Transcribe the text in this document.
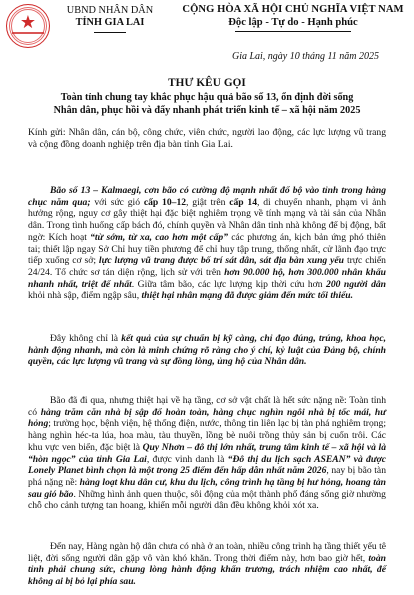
★
UBND NHÂN DÂN
TỈNH GIA LAI
CỘNG HÒA XÃ HỘI CHỦ NGHĨA VIỆT NAM
Độc lập - Tự do - Hạnh phúc
Gia Lai, ngày 10 tháng 11 năm 2025
THƯ KÊU GỌI
Toàn tỉnh chung tay khắc phục hậu quả bão số 13, ổn định đời sống
Nhân dân, phục hồi và đẩy nhanh phát triển kinh tế – xã hội năm 2025
Kính gửi: Nhân dân, cán bộ, công chức, viên chức, người lao động, các lực lượng vũ trang và cộng đồng doanh nghiệp trên địa bàn tỉnh Gia Lai.

Bão số 13 – Kalmaegi, cơn bão có cường độ mạnh nhất đổ bộ vào tỉnh trong hàng chục năm qua; với sức gió cấp 10–12, giật trên cấp 14, di chuyển nhanh, phạm vi ảnh hưởng rộng, nguy cơ gây thiệt hại đặc biệt nghiêm trọng về tính mạng và tài sản của Nhân dân. Trong tình huống cấp bách đó, chính quyền và Nhân dân tỉnh nhà không để bị động, bất ngờ: Kích hoạt “từ sớm, từ xa, cao hơn một cấp” các phương án, kịch bản ứng phó thiên tai; thiết lập ngay Sở Chỉ huy tiền phương để chỉ huy tập trung, thống nhất, cử lãnh đạo trực tiếp xuống cơ sở; lực lượng vũ trang được bố trí sát dân, sát địa bàn xung yếu trực chiến 24/24. Tổ chức sơ tán diện rộng, lịch sử với trên hơn 90.000 hộ, hơn 300.000 nhân khẩu nhanh nhất, triệt để nhất. Giữa tâm bão, các lực lượng kịp thời cứu hơn 200 người dân khỏi nhà sập, điểm ngập sâu, thiệt hại nhân mạng đã được giảm đến mức tối thiểu.

Đây không chỉ là kết quả của sự chuẩn bị kỹ càng, chỉ đạo đúng, trúng, khoa học, hành động nhanh, mà còn là minh chứng rõ ràng cho ý chí, kỷ luật của Đảng bộ, chính quyền, các lực lượng vũ trang và sự đồng lòng, ủng hộ của Nhân dân.

Bão đã đi qua, nhưng thiệt hại về hạ tầng, cơ sở vật chất là hết sức nặng nề: Toàn tỉnh có hàng trăm căn nhà bị sập đổ hoàn toàn, hàng chục nghìn ngôi nhà bị tốc mái, hư hỏng; trường học, bệnh viện, hệ thống điện, nước, thông tin liên lạc bị tàn phá nghiêm trọng; hàng nghìn héc-ta lúa, hoa màu, tàu thuyền, lồng bè nuôi trồng thủy sản bị cuốn trôi. Các khu vực ven biển, đặc biệt là Quy Nhơn – đô thị lớn nhất, trung tâm kinh tế – xã hội và là “hòn ngọc” của tỉnh Gia Lai, được vinh danh là “Đô thị du lịch sạch ASEAN” và được Lonely Planet bình chọn là một trong 25 điểm đến hấp dẫn nhất năm 2026, nay bị bão tàn phá nặng nề: hàng loạt khu dân cư, khu du lịch, công trình hạ tầng bị hư hỏng, hoang tàn sau gió bão. Những hình ảnh quen thuộc, sôi động của một thành phố đáng sống giờ nhường chỗ cho cảnh tượng tan hoang, khiến mỗi người dân đều không khỏi xót xa.

Đến nay, Hàng ngàn hộ dân chưa có nhà ở an toàn, nhiều công trình hạ tầng thiết yếu tê liệt, đời sống người dân gặp vô vàn khó khăn. Trong thời điểm này, hơn bao giờ hết, toàn tỉnh phải chung sức, chung lòng hành động khẩn trương, trách nhiệm cao nhất, để không ai bị bỏ lại phía sau.
